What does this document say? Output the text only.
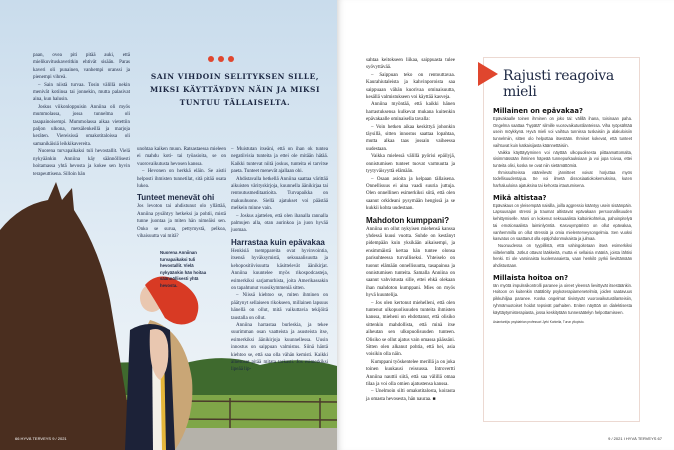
paan, ovea piti pitää auki, että mielikuvituskaveritkin ehtivät sisään. Paras kaveri oli punainen, vanhempi oranssi ja pienempi vihreä.

– Sain niistä turvaa. Tosin välillä nekin menivät kotiinsa tai jonnekin, mutta palasivat aina, kun halusin.

Joskus viikonloppuisin Anniina oli myös mummolassa, jossa tunnelma oli tasapainoisempi. Mummolassa aikaa vietettiin paljon ulkona, metsälenkeillä ja marjoja keräten. Viereisissä omakotitaloissa oli samanikäisiä leikkikavereita.

Nuorena turvapaikaksi tuli hevostallit. Vielä nykyäänkin Anniina käy säännöllisesti hoitamassa yhtä hevosta ja kokee sen hyvin terapeuttisena. Silloin hän

SAIN VIHDOIN SELITYKSEN SILLE, MIKSI KÄYTTÄYDYN NÄIN JA MIKSI TUNTUU TÄLLAISELTA.

unohtaa kaiken muun. Ratsastaessa mieleen ei mahdu koti- tai työasioita, se on vuorovaikutusta hevosen kanssa.

– Hevonen on herkkä eläin. Se aistii helposti ihmisten tunnetilat, sitä pitää osata lukea.

Tunteet menevät ohi

Jos levoton tai ahdistunut olo yllättää, Anniina pysähtyy hetkeksi ja pohtii, mistä tunne juontaa ja miten hän nimeäisi sen. Onko se surua, pettymystä, pelkoa, vihaisuutta vai mitä?

– Muistutan itseäni, että on ihan ok tuntea negatiivisia tunteita ja ettei ole mitään hätää. Kaikki tuntevat niitä joskus, tunteita ei tarvitse paeta. Tunteet menevät ajallaan ohi.

Ahdistavalla hetkellä Anniina saattaa värittää aikuisten värityskirjoja, kuunnella äänikirjaa tai rentoutusmeditaatioita. Turvapaikka on makuuhuone. Siellä ajatukset voi päästää melkein minne vain.

– Joskus ajattelen, että olen ihanalla rannalla palmujen alla, otan aurinkoa ja juon hyvää juomaa.

Harrastaa kuin epävakaa

Henkisiä tsemppareita ovat hyvinvointia, itsensä hyväksymistä, seksuaalisuutta ja kehopositiivisuutta käsittelevät äänikirjat. Anniina kuuntelee myös rikospodcasteja, esimerkiksi sarjamurhista, joita Amerikassakin on tapahtunut vuosikymmeniä sitten.

– Niissä kiehtoo se, miten ihminen on päätynyt sellaiseen rikokseen, millainen lapsuus hänellä on ollut, mitä vaikuttavia tekijöitä taustalla on ollut.

Anniina harrastaa burleskia, ja tekee suurimman osan vaatteista ja asusteista itse, esimerkiksi äänikirjoja kuunnellessa. Uusin innostus on saippuan valmistus. Siinä häntä kiehtoo se, että saa olla vähän kemisti. Kaikki ainesosat pitää mitata tarkasti. Jos esimerkiksi lipeää lip-

Nuorena Anniinan turvapaikaksi tuli hevostallit. Vielä nykyäänkin hän hoitaa säännöllisesti yhtä hevosta.
66 HYVÄ TERVEYS 9 / 2021

sahtaa keitokseen liikaa, saippuasta tulee syövyttävää.

– Saippuan teko on rentouttavaa. Kaurahiutaleista ja kahvinporoista saa saippuaan vähän kuorivaa ominaisuutta, kesällä valmistukseen voi käyttää kasveja.

Anniina myöntää, että kaikki hänen harrastuksensa kulkevat mukana kuitenkin epävakaalle ominaisella tavalla:

– Voin hetken aikaa keskittyä johonkin täysillä, sitten innostus saattaa lopahtaa, mutta alkaa taas jossain vaiheessa uudestaan.

Vaikka mielessä välillä pyörisi epäilyjä, onnistumisen tunteet tuovat varmuutta ja tyytyväisyyttä elämään.

– Osaan asioita ja kelpaan tällaisena. Onnellisuus ei aina vaadi suuria juttuja. Olen onnellinen esimerkiksi siitä, että olen saanut orkideani pysymään hengissä ja se kukkii kohta uudestaan.

Mahdoton kumppani?

Anniina on ollut nykyisen miehensä kanssa yhdessä kuusi vuotta. Suhde on kestänyt pidempään kuin yksikään aikaisempi, ja ensimmäistä kertaa hän tuntee olonsa parisuhteessa turvalliseksi. Yhteiselo on tuonut elämään onnellisuutta, tasapainoa ja onnistumisen tunteita. Samalla Anniina on saanut vahvistusta sille, ettei ehkä olekaan ihan mahdoton kumppani. Mies on myös hyvä kuuntelija.

– Jos olen kertonut miehelleni, että olen tuntenut ulkopuolisuuden tunteita ihmisten kanssa, mieheni on ehdottanut, että olisiko sittenkin mahdollista, että minä itse aiheutan sen ulkopuolisuuden tunteen. Olisiko se ollut ajatus vain omassa päässäni. Sitten olen alkanut pohtia, että hei, asia voisikin olla näin.

Kumppani työskentelee merillä ja on joka toinen kuukausi reissussa. Introvertti Anniina nauttii siitä, että saa välillä omaa tilaa ja voi olla omien ajatustensa kanssa.

– Unelmoin silti omakotitalosta, koirasta ja omasta hevosesta, hän nauraa. ■

Rajusti reagoiva mieli
Millainen on epävakaa?

Epävakaalle toinen ihminen on joko tai: välillä ihana, toisinaan paha. Ongelma saattaa "hypätä" silmille vuorovaikutustilanteissa. Viha ryöpsähtää usein möykkynä. Hyvä mieli voi vaihtua tunnissa tuskaisiin ja alakuloisiin tunnelmiin, sitten olo helpottaa itsestään. Ihmiset kokevat, että tunteet vaihtuvat kuin katkaisijasta käännettäisiin.

Vaikka käyttäytyminen voi näyttää ulkopuolisesta piittaamattomalta, sisimmässään ihminen häpeää tunnepurkauksiaan ja voi jopa toivoa, ettei tunteita olisi, koska ne ovat niin sietämättömiä.

Ihmissuhteissa vääreilevät jännitteet voivat horjuttaa myös todellisuudentajua. Se voi ilmetä dissosiaatiokokemuksina, kuten harhaluuloina ajatuksina tai kehosta irtautumisena.

Mikä altistaa?

Epävakaus on yleisempää naisilla, joilla aggressio kääntyy usein sisäänpäin. Lapsuusajan stressi ja traumat altistavat epävakaan persoonallisuuden kehittymiselle. Moni on kokenut seksuaalista kaltoinkohtelua, pahoinpitelyä tai emotionaalista laiminlyöntiä. Kasvuympäristö on ollut epävakaa, vanhemmilla on ollut stressiä ja omia mielenterveysongelmia. Sen vuoksi kasvatus on saattanut olla epäjohdonmukaista ja julmaa.

Nuoruudessa on tyypillistä, että vahingoitetaan itseä esimerkiksi viiltelemällä. Jotkut ottavat lääkkeitä, mutta ei sellaisia määriä, joista lähtisi henki. Ei ole varsinaista kuolemanaietta, vaan henkilö pyrkii lievittämään ahdistustaan.

Millaista hoitoa on?

Iän myötä impulssikontrolli paranee ja oireet yleensä lievittyvät itsestäänkin. Hoitoon on kuitenkin räätälöity psykoterapiamenetelmiä, joiden saatavuus pikkuhiljaa paranee. Koska ongelmat tiivistyvät vuorovaikutustilanteisiin, ryhmämuotoiset hoidot tepsivät parhaiten. Eniten näyttöä on dialektisesta käyttäytymisterapiasta, jossa keskitytään tunnesäätelyn helpottamiseen.

Asiantuntija: psykiatrian professori Jyrki Korkeila, Turun yliopisto.

9 / 2021 I HYVÄ TERVEYS 67
